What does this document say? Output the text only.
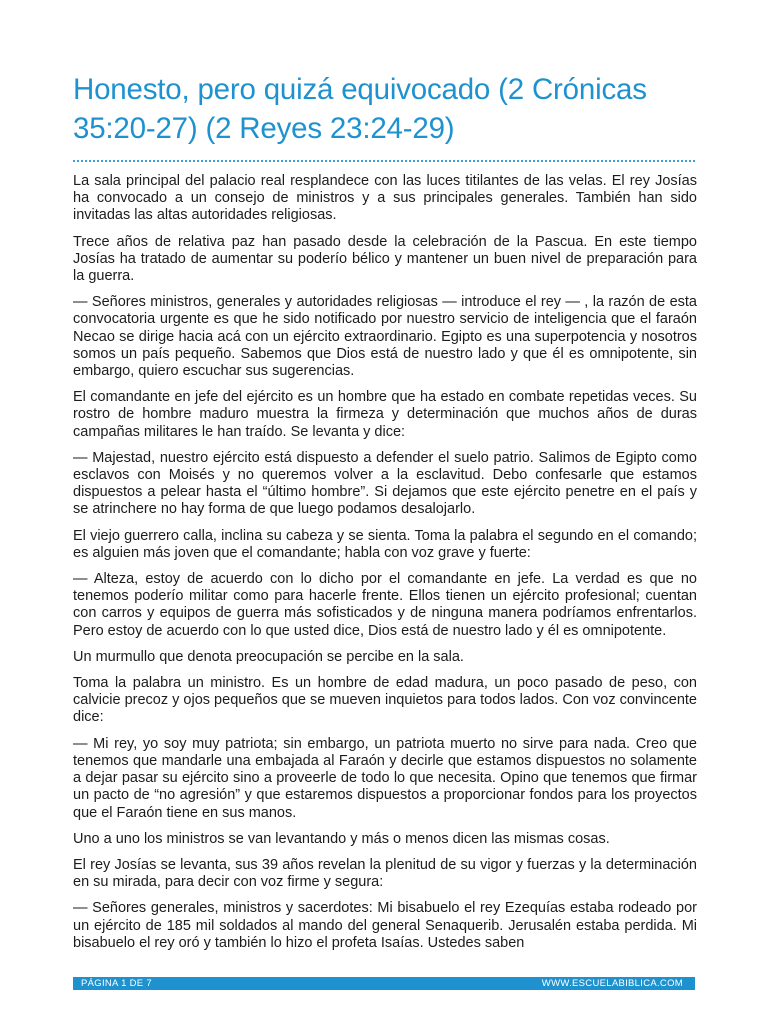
Honesto, pero quizá equivocado (2 Crónicas 35:20-27) (2 Reyes 23:24-29)

La sala principal del palacio real resplandece con las luces titilantes de las velas. El rey Josías ha convocado a un consejo de ministros y a sus principales generales. También han sido invitadas las altas autoridades religiosas.

Trece años de relativa paz han pasado desde la celebración de la Pascua. En este tiempo Josías ha tratado de aumentar su poderío bélico y mantener un buen nivel de preparación para la guerra.

— Señores ministros, generales y autoridades religiosas — introduce el rey — , la razón de esta convocatoria urgente es que he sido notificado por nuestro servicio de inteligencia que el faraón Necao se dirige hacia acá con un ejército extraordinario. Egipto es una superpotencia y nosotros somos un país pequeño. Sabemos que Dios está de nuestro lado y que él es omnipotente, sin embargo, quiero escuchar sus sugerencias.

El comandante en jefe del ejército es un hombre que ha estado en combate repetidas veces. Su rostro de hombre maduro muestra la firmeza y determinación que muchos años de duras campañas militares le han traído. Se levanta y dice:

— Majestad, nuestro ejército está dispuesto a defender el suelo patrio. Salimos de Egipto como esclavos con Moisés y no queremos volver a la esclavitud. Debo confesarle que estamos dispuestos a pelear hasta el “último hombre”. Si dejamos que este ejército penetre en el país y se atrinchere no hay forma de que luego podamos desalojarlo.

El viejo guerrero calla, inclina su cabeza y se sienta. Toma la palabra el segundo en el comando; es alguien más joven que el comandante; habla con voz grave y fuerte:

— Alteza, estoy de acuerdo con lo dicho por el comandante en jefe. La verdad es que no tenemos poderío militar como para hacerle frente. Ellos tienen un ejército profesional; cuentan con carros y equipos de guerra más sofisticados y de ninguna manera podríamos enfrentarlos. Pero estoy de acuerdo con lo que usted dice, Dios está de nuestro lado y él es omnipotente.

Un murmullo que denota preocupación se percibe en la sala.

Toma la palabra un ministro. Es un hombre de edad madura, un poco pasado de peso, con calvicie precoz y ojos pequeños que se mueven inquietos para todos lados. Con voz convincente dice:

— Mi rey, yo soy muy patriota; sin embargo, un patriota muerto no sirve para nada. Creo que tenemos que mandarle una embajada al Faraón y decirle que estamos dispuestos no solamente a dejar pasar su ejército sino a proveerle de todo lo que necesita. Opino que tenemos que firmar un pacto de “no agresión” y que estaremos dispuestos a proporcionar fondos para los proyectos que el Faraón tiene en sus manos.

Uno a uno los ministros se van levantando y más o menos dicen las mismas cosas.

El rey Josías se levanta, sus 39 años revelan la plenitud de su vigor y fuerzas y la determinación en su mirada, para decir con voz firme y segura:

— Señores generales, ministros y sacerdotes: Mi bisabuelo el rey Ezequías estaba rodeado por un ejército de 185 mil soldados al mando del general Senaquerib. Jerusalén estaba perdida. Mi bisabuelo el rey oró y también lo hizo el profeta Isaías. Ustedes saben

PÁGINA 1 DE 7	WWW.ESCUELABIBLICA.COM
